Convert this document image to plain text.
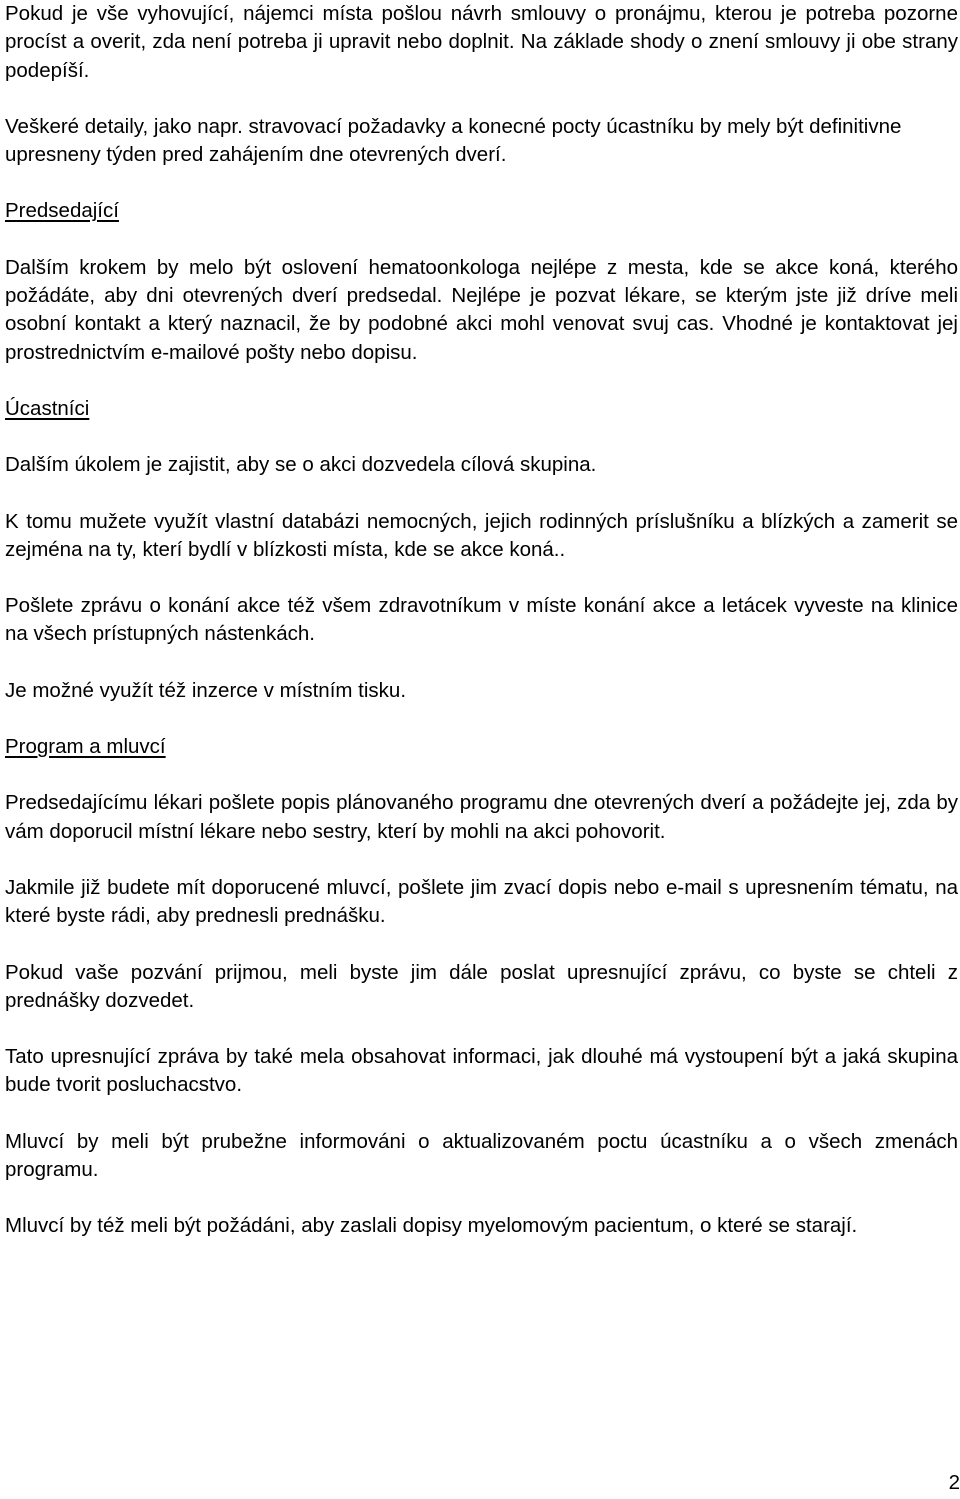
Pokud je vše vyhovující, nájemci místa pošlou návrh smlouvy o pronájmu, kterou je potreba pozorne procíst a overit, zda není potreba ji upravit nebo doplnit. Na základe shody o znení smlouvy ji obe strany podepíší.

Veškeré detaily, jako napr. stravovací požadavky a konecné pocty úcastníku by mely být definitivne upresneny týden pred zahájením dne otevrených dverí.

Predsedající

Dalším krokem by melo být oslovení hematoonkologa nejlépe z mesta, kde se akce koná, kterého požádáte, aby dni otevrených dverí predsedal. Nejlépe je pozvat lékare, se kterým jste již dríve meli osobní kontakt a který naznacil, že by podobné akci mohl venovat svuj cas. Vhodné je kontaktovat jej prostrednictvím e-mailové pošty nebo dopisu.

Úcastníci

Dalším úkolem je zajistit, aby se o akci dozvedela cílová skupina.

K tomu mužete využít vlastní databázi nemocných, jejich rodinných príslušníku a blízkých a zamerit se zejména na ty, kterí bydlí v blízkosti místa, kde se akce koná..

Pošlete zprávu o konání akce též všem zdravotníkum v míste konání akce a letácek vyveste na klinice na všech prístupných nástenkách.

Je možné využít též inzerce v místním tisku.

Program a mluvcí

Predsedajícímu lékari pošlete popis plánovaného programu dne otevrených dverí a požádejte jej, zda by vám doporucil místní lékare nebo sestry, kterí by mohli na akci pohovorit.

Jakmile již budete mít doporucené mluvcí, pošlete jim zvací dopis nebo e-mail s upresnením tématu, na které byste rádi, aby prednesli prednášku.

Pokud vaše pozvání prijmou, meli byste jim dále poslat upresnující zprávu, co byste se chteli z prednášky dozvedet.

Tato upresnující zpráva by také mela obsahovat informaci, jak dlouhé má vystoupení být a jaká skupina bude tvorit posluchacstvo.

Mluvcí by meli být prubežne informováni o aktualizovaném poctu úcastníku a o všech zmenách programu.

Mluvcí by též meli být požádáni, aby zaslali dopisy myelomovým pacientum, o které se starají.

2
